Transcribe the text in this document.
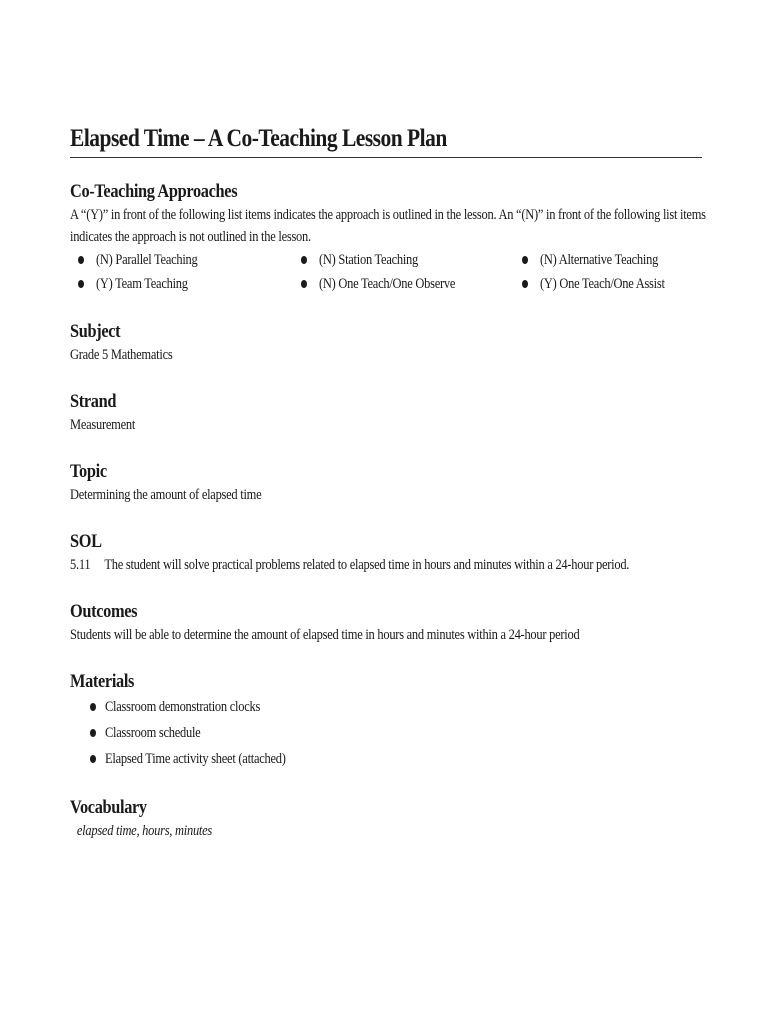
Elapsed Time – A Co-Teaching Lesson Plan
Co-Teaching Approaches
A “(Y)” in front of the following list items indicates the approach is outlined in the lesson. An “(N)” in front of the following list items
indicates the approach is not outlined in the lesson.
(N) Parallel Teaching	(N) Station Teaching	(N) Alternative Teaching
(Y) Team Teaching	(N) One Teach/One Observe	(Y) One Teach/One Assist
Subject
Grade 5 Mathematics
Strand
Measurement
Topic
Determining the amount of elapsed time
SOL
5.11 The student will solve practical problems related to elapsed time in hours and minutes within a 24-hour period.
Outcomes
Students will be able to determine the amount of elapsed time in hours and minutes within a 24-hour period
Materials
Classroom demonstration clocks
Classroom schedule
Elapsed Time activity sheet (attached)
Vocabulary
elapsed time, hours, minutes
